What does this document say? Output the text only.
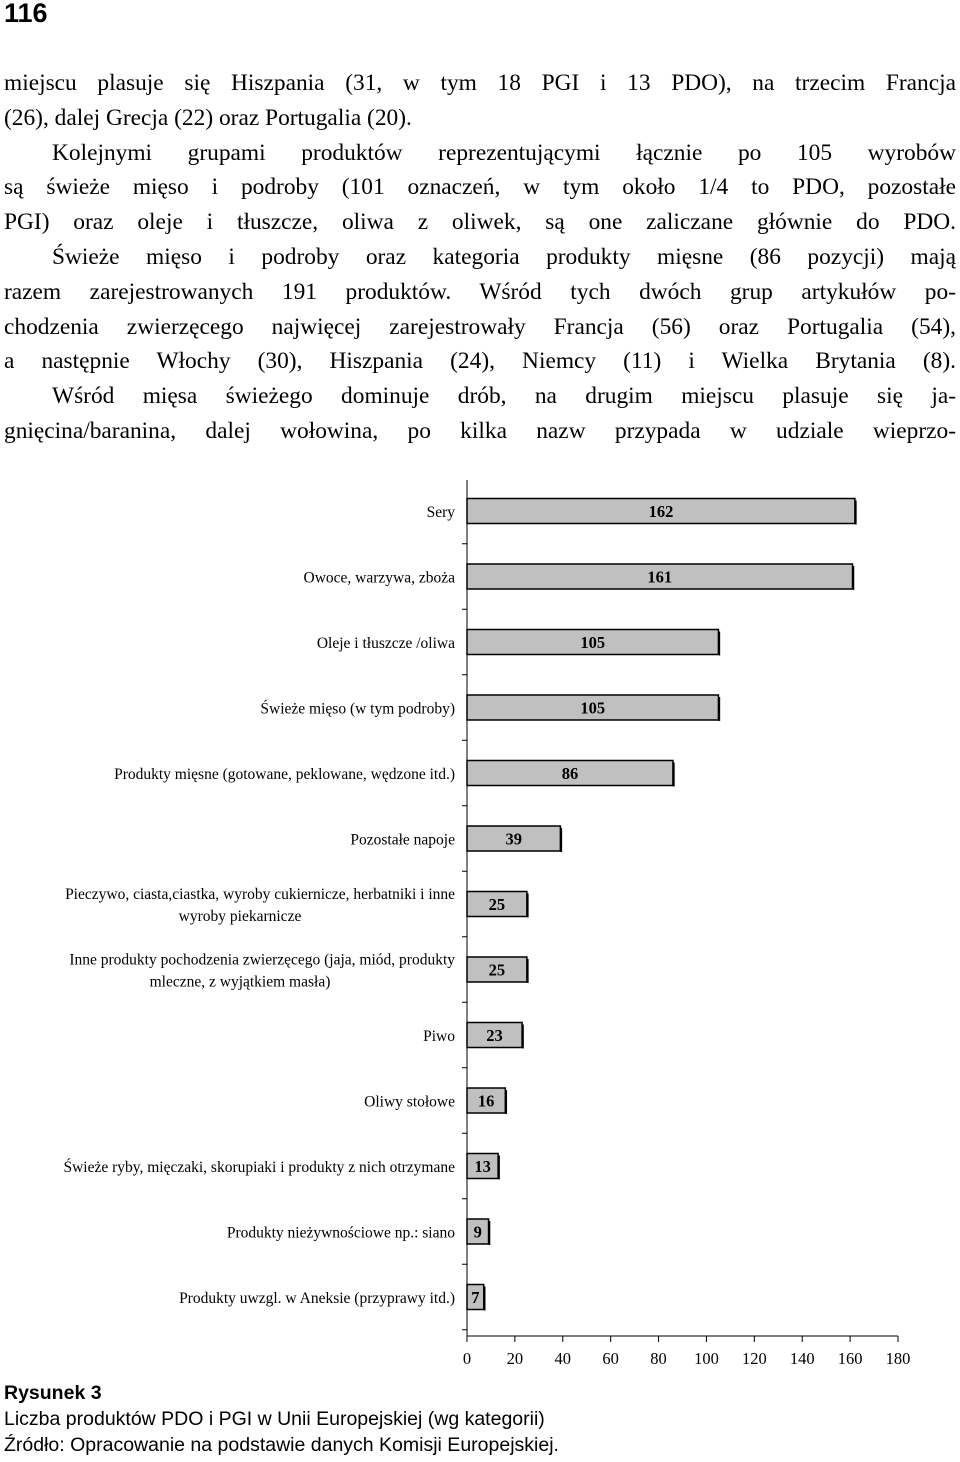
116
miejscu plasuje się Hiszpania (31, w tym 18 PGI i 13 PDO), na trzecim Francja
(26), dalej Grecja (22) oraz Portugalia (20).
Kolejnymi grupami produktów reprezentującymi łącznie po 105 wyrobów
są świeże mięso i podroby (101 oznaczeń, w tym około 1/4 to PDO, pozostałe
PGI) oraz oleje i tłuszcze, oliwa z oliwek, są one zaliczane głównie do PDO.
Świeże mięso i podroby oraz kategoria produkty mięsne (86 pozycji) mają
razem zarejestrowanych 191 produktów. Wśród tych dwóch grup artykułów po-
chodzenia zwierzęcego najwięcej zarejestrowały Francja (56) oraz Portugalia (54),
a następnie Włochy (30), Hiszpania (24), Niemcy (11) i Wielka Brytania (8).
Wśród mięsa świeżego dominuje drób, na drugim miejscu plasuje się ja-
gnięcina/baranina, dalej wołowina, po kilka nazw przypada w udziale wieprzo-
0 20 40 60 80 100 120 140 160 180
162
Sery
161
Owoce, warzywa, zboża
105
Oleje i tłuszcze /oliwa
105
Świeże mięso (w tym podroby)
86
Produkty mięsne (gotowane, peklowane, wędzone itd.)
39
Pozostałe napoje
25
Pieczywo, ciasta,ciastka, wyroby cukiernicze, herbatniki i inne
wyroby piekarnicze
25
Inne produkty pochodzenia zwierzęcego (jaja, miód, produkty
mleczne, z wyjątkiem masła)
23
Piwo
16
Oliwy stołowe
13
Świeże ryby, mięczaki, skorupiaki i produkty z nich otrzymane
9
Produkty nieżywnościowe np.: siano
7
Produkty uwzgl. w Aneksie (przyprawy itd.)
Rysunek 3
Liczba produktów PDO i PGI w Unii Europejskiej (wg kategorii)
Źródło: Opracowanie na podstawie danych Komisji Europejskiej.
